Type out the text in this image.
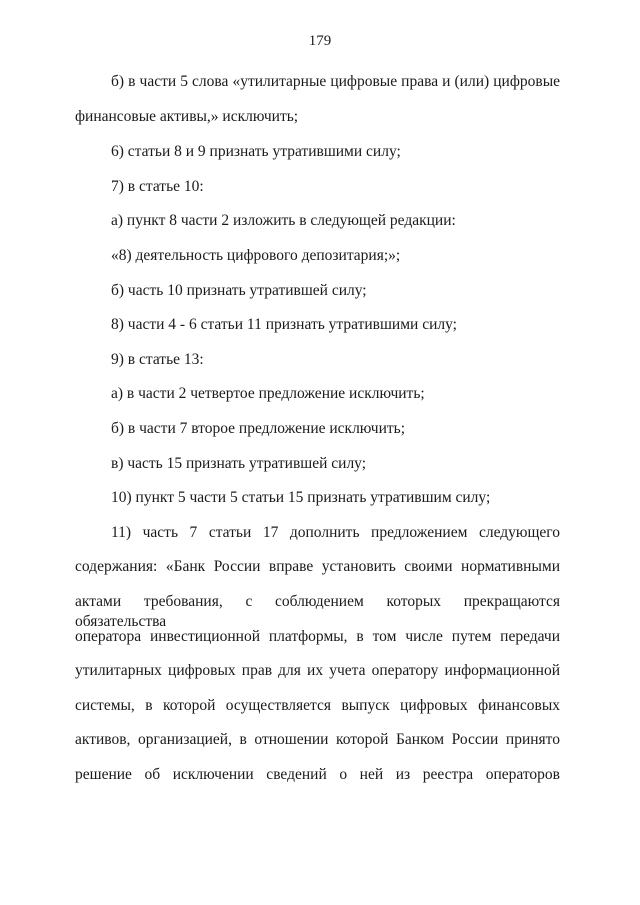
179
б) в части 5 слова «утилитарные цифровые права и (или) цифровые
финансовые активы,» исключить;
6) статьи 8 и 9 признать утратившими силу;
7) в статье 10:
а) пункт 8 части 2 изложить в следующей редакции:
«8) деятельность цифрового депозитария;»;
б) часть 10 признать утратившей силу;
8) части 4 - 6 статьи 11 признать утратившими силу;
9) в статье 13:
а) в части 2 четвертое предложение исключить;
б) в части 7 второе предложение исключить;
в) часть 15 признать утратившей силу;
10) пункт 5 части 5 статьи 15 признать утратившим силу;
11) часть 7 статьи 17 дополнить предложением следующего
содержания: «Банк России вправе установить своими нормативными
актами требования, с соблюдением которых прекращаются обязательства
оператора инвестиционной платформы, в том числе путем передачи
утилитарных цифровых прав для их учета оператору информационной
системы, в которой осуществляется выпуск цифровых финансовых
активов, организацией, в отношении которой Банком России принято
решение об исключении сведений о ней из реестра операторов
